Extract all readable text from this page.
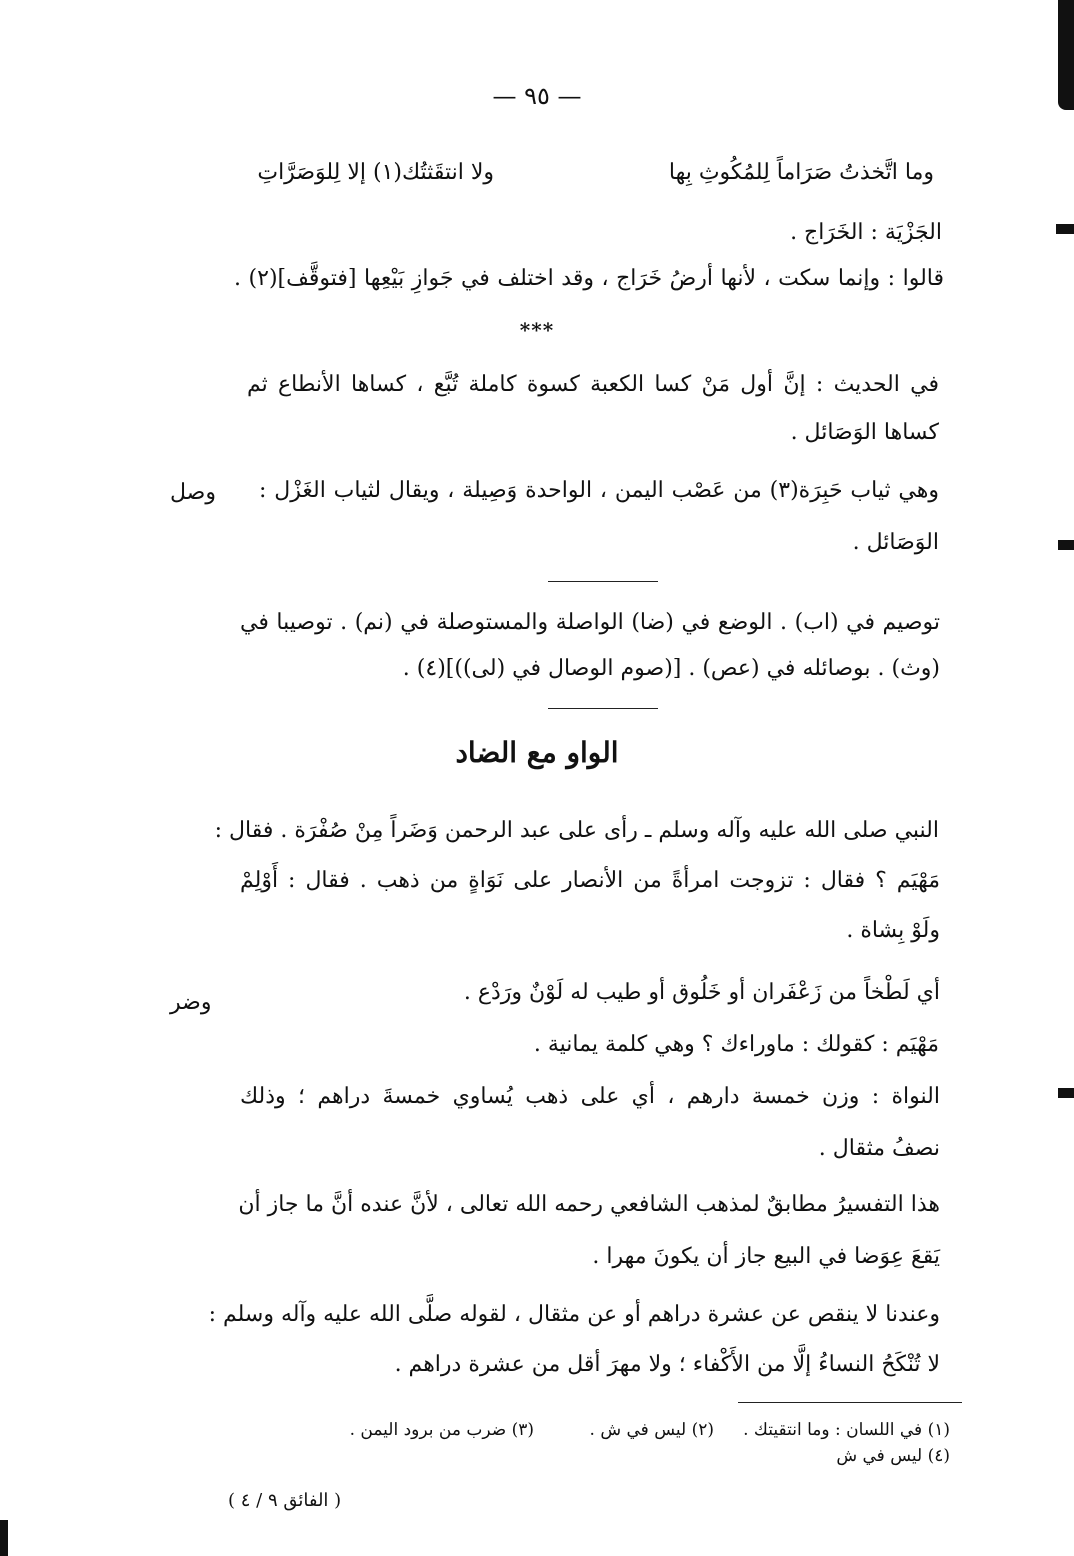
— ٩٥ —
وما اتَّخذتُ صَرَاماً لِلمُكُوثِ بِها
ولا انتقَثتُك(١) إلا لِلوَصَرَّاتِ
الجَزْيَة : الخَرَاج .
قالوا : وإنما سكت ، لأنها أرضُ خَرَاج ، وقد اختلف في جَوازِ بَيْعِها [فتوقَّف](٢) .
***
في الحديث : إنَّ أول مَنْ كسا الكعبة كسوة كاملة تُبَّع ، كساها الأنطاع ثم
كساها الوَصَائل .
وهي ثياب حَبِرَة(٣) من عَصْب اليمن ، الواحدة وَصِيلة ، ويقال لثياب الغَزْل :
وصل
الوَصَائل .
توصيم في (اب) . الوضع في (ضا) الواصلة والمستوصلة في (نم) . توصيبا في
(وث) . بوصائله في (عص) . [(صوم الوصال في (لى))](٤) .
الواو مع الضاد
النبي صلى الله عليه وآله وسلم ـ رأى على عبد الرحمن وَضَراً مِنْ صُفْرَة . فقال :
مَهْيَم ؟ فقال : تزوجت امرأةً من الأنصار على نَوَاةٍ من ذهب . فقال : أَوْلِمْ
ولَوْ بِشاة .
أي لَطْخاً من زَعْفَران أو خَلُوق أو طيب له لَوْنٌ ورَدْع .
وضر
مَهْيَم : كقولك : ماوراءك ؟ وهي كلمة يمانية .
النواة : وزن خمسة دارهم ، أي على ذهب يُساوي خمسةَ دراهم ؛ وذلك
نصفُ مثقال .
هذا التفسيرُ مطابقٌ لمذهب الشافعي رحمه الله تعالى ، لأنَّ عنده أنَّ ما جاز أن
يَقعَ عِوَضا في البيع جاز أن يكونَ مهرا .
وعندنا لا ينقص عن عشرة دراهم أو عن مثقال ، لقوله صلَّى الله عليه وآله وسلم :
لا تُنْكَحُ النساءُ إلَّا من الأَكْفاء ؛ ولا مهرَ أقل من عشرة دراهم .
(١) في اللسان : وما انتقيتك .
(٢) ليس في ش .
(٣) ضرب من برود اليمن .
(٤) ليس في ش
( الفائق ٩ / ٤ )
